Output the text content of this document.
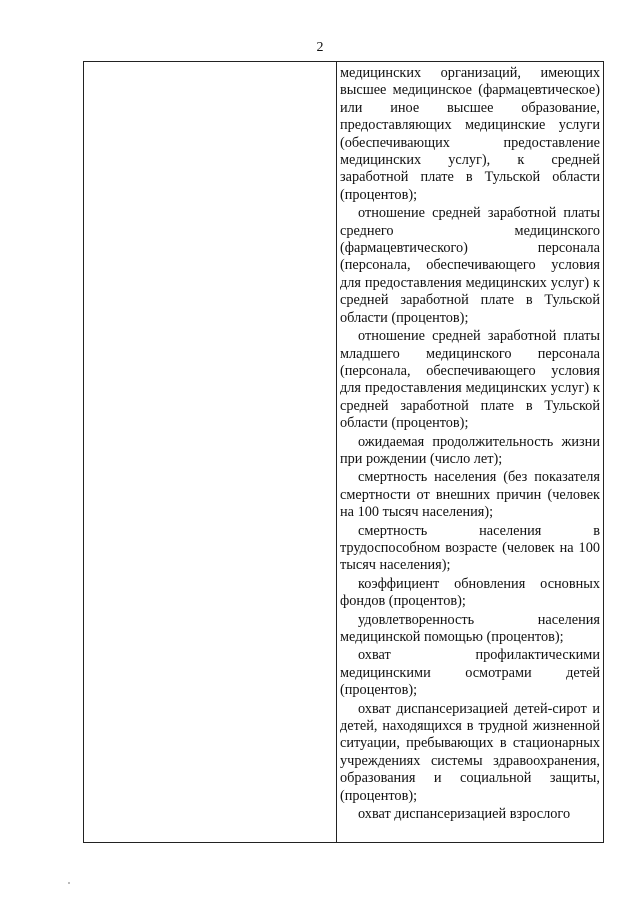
2

медицинских организаций, имеющих высшее медицинское (фармацевтическое) или иное высшее образование, предоставляющих медицинские услуги (обеспечивающих предоставление медицинских услуг), к средней заработной плате в Тульской области (процентов);

отношение средней заработной платы среднего медицинского (фармацевтического) персонала (персонала, обеспечивающего условия для предоставления медицинских услуг) к средней заработной плате в Тульской области (процентов);

отношение средней заработной платы младшего медицинского персонала (персонала, обеспечивающего условия для предоставления медицинских услуг) к средней заработной плате в Тульской области (процентов);

ожидаемая продолжительность жизни при рождении (число лет);

смертность населения (без показателя смертности от внешних причин (человек на 100 тысяч населения);

смертность населения в трудоспособном возрасте (человек на 100 тысяч населения);

коэффициент обновления основных фондов (процентов);

удовлетворенность населения медицинской помощью (процентов);

охват профилактическими медицинскими осмотрами детей (процентов);

охват диспансеризацией детей-сирот и детей, находящихся в трудной жизненной ситуации, пребывающих в стационарных учреждениях системы здравоохранения, образования и социальной защиты, (процентов);

охват диспансеризацией взрослого
